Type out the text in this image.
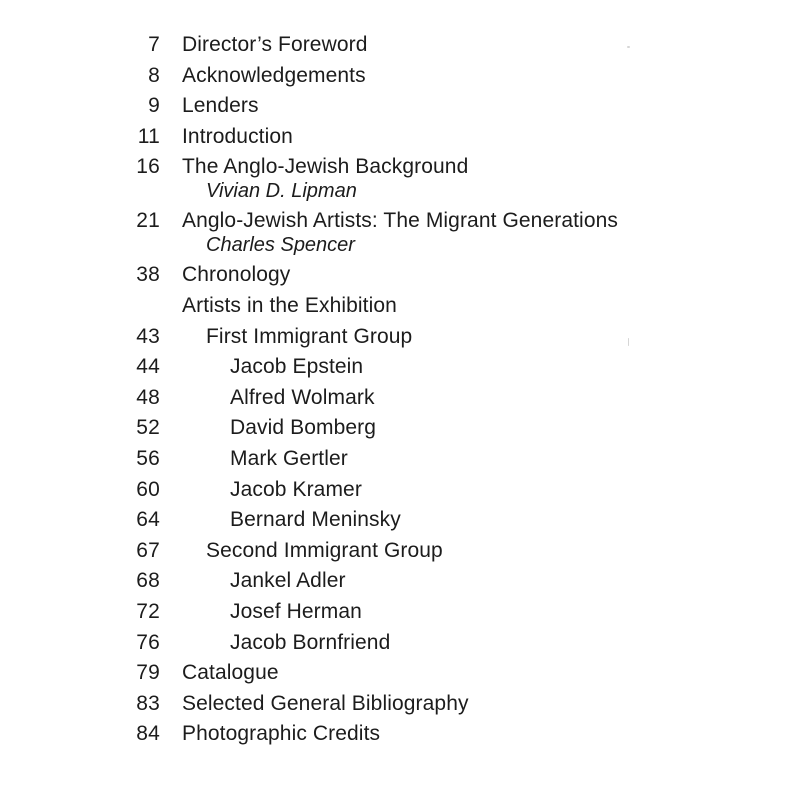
7 Director’s Foreword
8 Acknowledgements
9 Lenders
11 Introduction
16 The Anglo-Jewish Background
Vivian D. Lipman
21 Anglo-Jewish Artists: The Migrant Generations
Charles Spencer
38 Chronology
Artists in the Exhibition
43 First Immigrant Group
44	Jacob Epstein
48	Alfred Wolmark
52	David Bomberg
56	Mark Gertler
60	Jacob Kramer
64	Bernard Meninsky
67 Second Immigrant Group
68	Jankel Adler
72	Josef Herman
76	Jacob Bornfriend
79 Catalogue
83 Selected General Bibliography
84 Photographic Credits
